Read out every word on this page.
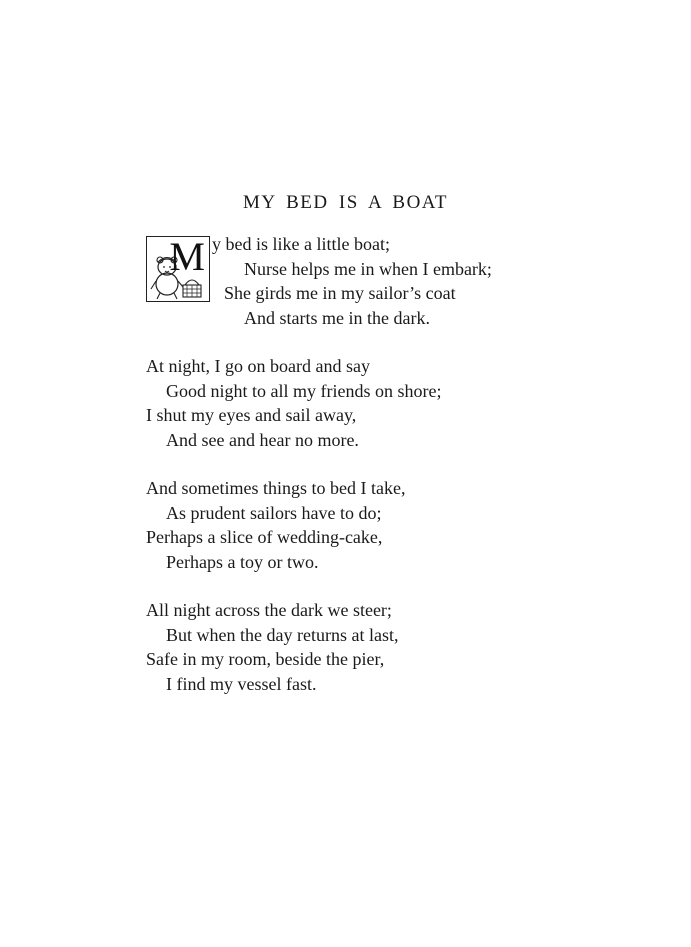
MY BED IS A BOAT
M y bed is like a little boat;
Nurse helps me in when I embark;
She girds me in my sailor’s coat
And starts me in the dark.
At night, I go on board and say
Good night to all my friends on shore;
I shut my eyes and sail away,
And see and hear no more.
And sometimes things to bed I take,
As prudent sailors have to do;
Perhaps a slice of wedding-cake,
Perhaps a toy or two.
All night across the dark we steer;
But when the day returns at last,
Safe in my room, beside the pier,
I find my vessel fast.
